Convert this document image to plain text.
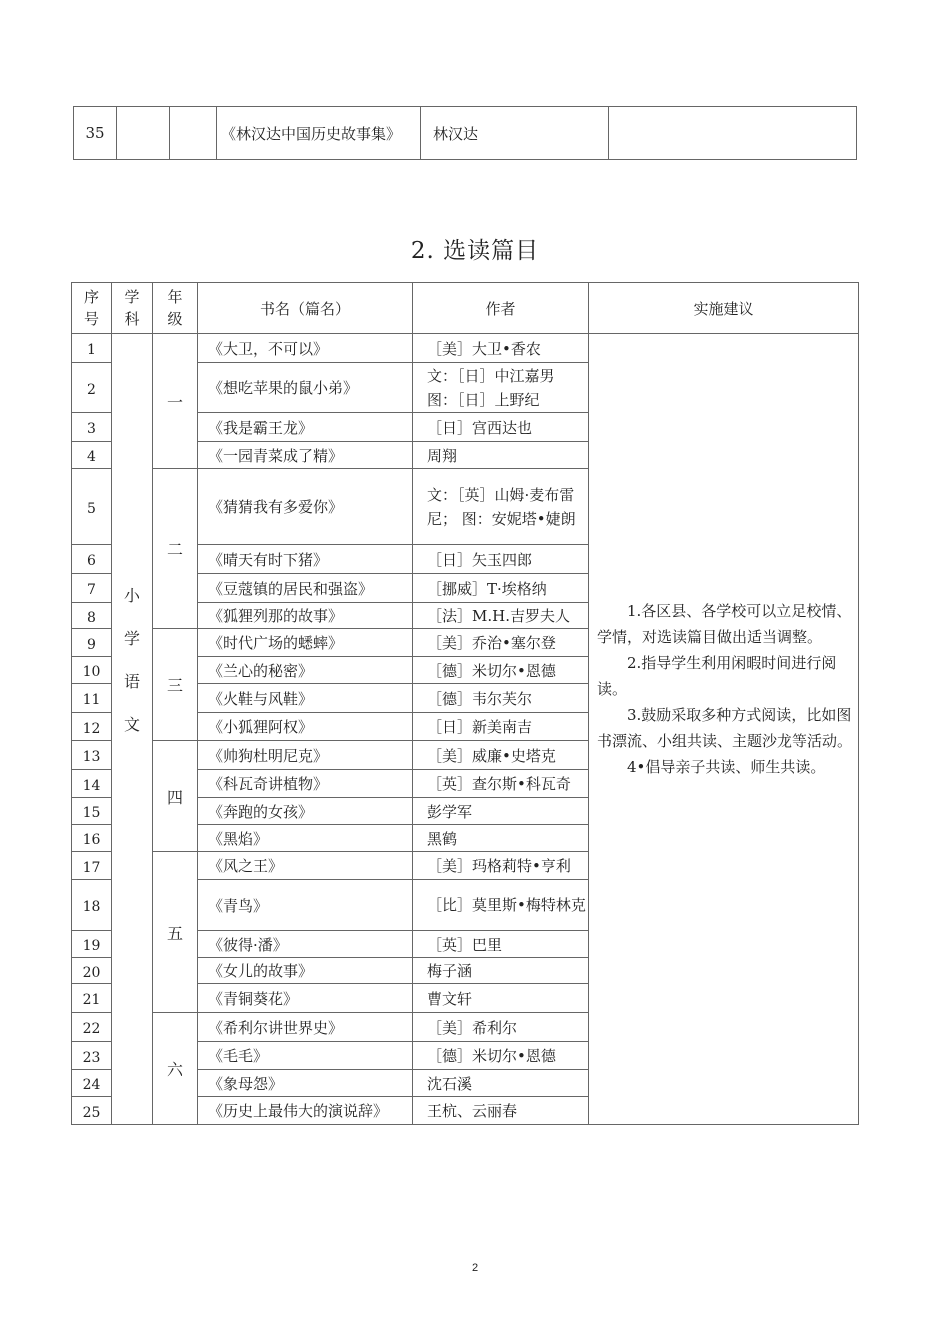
35			《林汉达中国历史故事集》	林汉达	
2. 选读篇目
序号	学科	年级	书名（篇名）	作者	实施建议
1	小学语文	一	《大卫，不可以》	［美］大卫•香农	1.各区县、各学校可以立足校情、学情，对选读篇目做出适当调整。

2.指导学生利用闲暇时间进行阅读。

3.鼓励采取多种方式阅读，比如图书漂流、小组共读、主题沙龙等活动。

4•倡导亲子共读、师生共读。

2			《想吃苹果的鼠小弟》	文：［日］中江嘉男 图：［日］上野纪	
3			《我是霸王龙》	［日］宫西达也	
4			《一园青菜成了精》	周翔	
5		二	《猜猜我有多爱你》	文：［英］山姆·麦布雷尼； 图：安妮塔•婕朗	
6			《晴天有时下猪》	［日］矢玉四郎	
7			《豆蔻镇的居民和强盗》	［挪威］T·埃格纳	
8			《狐狸列那的故事》	［法］M.H.吉罗夫人	
9		三	《时代广场的蟋蟀》	［美］乔治•塞尔登	
10			《兰心的秘密》	［德］米切尔•恩德	
11			《火鞋与风鞋》	［德］韦尔芙尔	
12			《小狐狸阿权》	［日］新美南吉	
13		四	《帅狗杜明尼克》	［美］威廉•史塔克	
14			《科瓦奇讲植物》	［英］查尔斯•科瓦奇	
15			《奔跑的女孩》	彭学军	
16			《黑焰》	黑鹤	
17		五	《风之王》	［美］玛格莉特•亨利	
18			《青鸟》	［比］莫里斯•梅特林克	
19			《彼得·潘》	［英］巴里	
20			《女儿的故事》	梅子涵	
21			《青铜葵花》	曹文轩	
22		六	《希利尔讲世界史》	［美］希利尔	
23			《毛毛》	［德］米切尔•恩德	
24			《象母怨》	沈石溪	
25			《历史上最伟大的演说辞》	王杭、云丽春	
2
